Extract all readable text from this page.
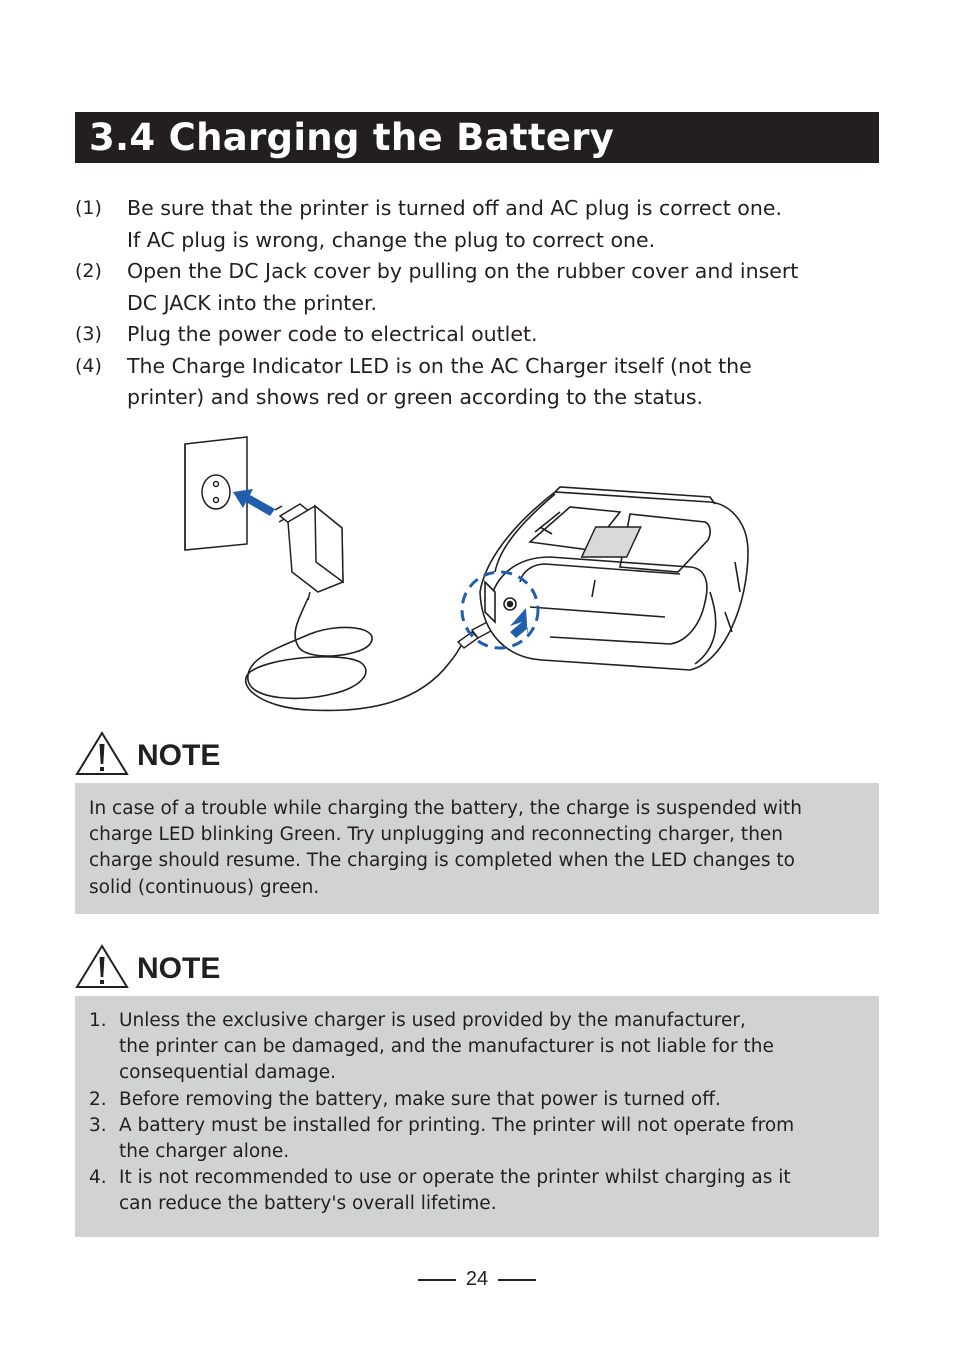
3.4 Charging the Battery
(1)	Be sure that the printer is turned off and AC plug is correct one.
If AC plug is wrong, change the plug to correct one.
(2)	Open the DC Jack cover by pulling on the rubber cover and insert
DC JACK into the printer.
(3)	Plug the power code to electrical outlet.
(4)	The Charge Indicator LED is on the AC Charger itself (not the
printer) and shows red or green according to the status.
NOTE
In case of a trouble while charging the battery, the charge is suspended with
charge LED blinking Green. Try unplugging and reconnecting charger, then
charge should resume. The charging is completed when the LED changes to
solid (continuous) green.
NOTE
1. Unless the exclusive charger is used provided by the manufacturer,
the printer can be damaged, and the manufacturer is not liable for the
consequential damage.
2. Before removing the battery, make sure that power is turned off.
3. A battery must be installed for printing. The printer will not operate from
the charger alone.
4. It is not recommended to use or operate the printer whilst charging as it
can reduce the battery's overall lifetime.
24
